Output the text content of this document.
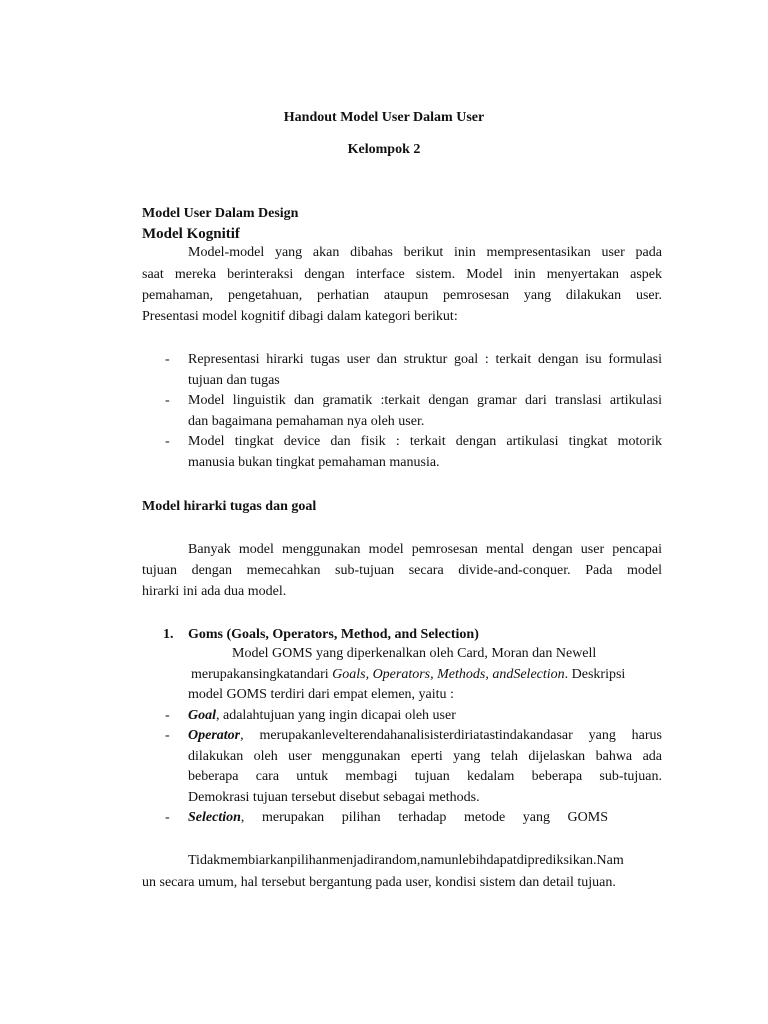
Handout Model User Dalam User
Kelompok 2
Model User Dalam Design
Model Kognitif
Model-model yang akan dibahas berikut inin mempresentasikan user pada
saat mereka berinteraksi dengan interface sistem. Model inin menyertakan aspek
pemahaman, pengetahuan, perhatian ataupun pemrosesan yang dilakukan user.
Presentasi model kognitif dibagi dalam kategori berikut:
- Representasi hirarki tugas user dan struktur goal : terkait dengan isu formulasi
tujuan dan tugas
- Model linguistik dan gramatik :terkait dengan gramar dari translasi artikulasi
dan bagaimana pemahaman nya oleh user.
- Model tingkat device dan fisik : terkait dengan artikulasi tingkat motorik
manusia bukan tingkat pemahaman manusia.
Model hirarki tugas dan goal
Banyak model menggunakan model pemrosesan mental dengan user pencapai
tujuan dengan memecahkan sub-tujuan secara divide-and-conquer. Pada model
hirarki ini ada dua model.
1. Goms (Goals, Operators, Method, and Selection)
Model GOMS yang diperkenalkan oleh Card, Moran dan Newell
merupakansingkatandari Goals, Operators, Methods, andSelection. Deskripsi
model GOMS terdiri dari empat elemen, yaitu :
- Goal, adalahtujuan yang ingin dicapai oleh user
- Operator, merupakanlevelterendahanalisisterdiriatastindakandasar yang harus
dilakukan oleh user menggunakan eperti yang telah dijelaskan bahwa ada
beberapa cara untuk membagi tujuan kedalam beberapa sub-tujuan.
Demokrasi tujuan tersebut disebut sebagai methods.
- Selection, merupakan pilihan terhadap metode yang GOMS
Tidakmembiarkanpilihanmenjadirandom,namunlebihdapatdiprediksikan.Nam
un secara umum, hal tersebut bergantung pada user, kondisi sistem dan detail tujuan.
